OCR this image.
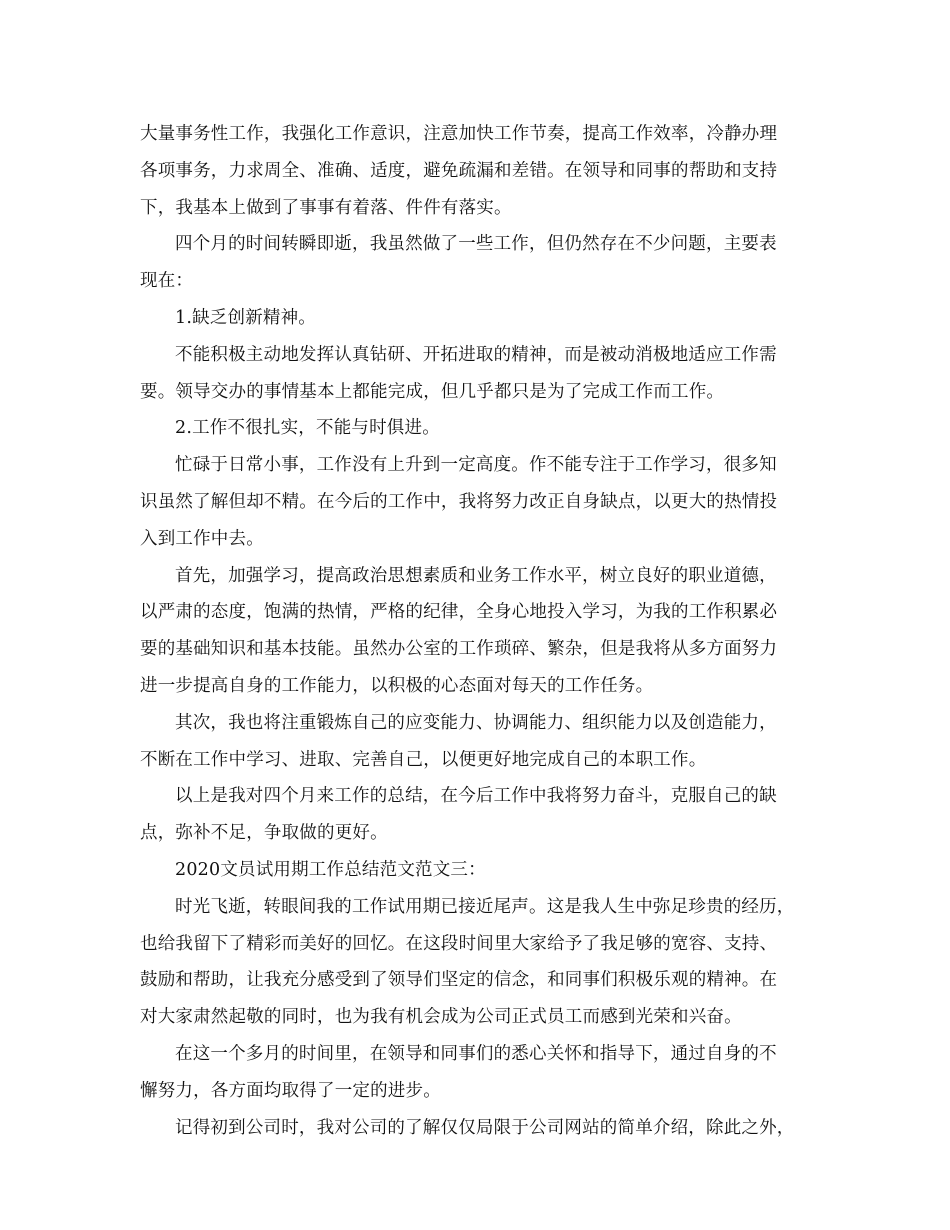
大量事务性工作，我强化工作意识，注意加快工作节奏，提高工作效率，冷静办理
各项事务，力求周全、准确、适度，避免疏漏和差错。在领导和同事的帮助和支持
下，我基本上做到了事事有着落、件件有落实。
四个月的时间转瞬即逝，我虽然做了一些工作，但仍然存在不少问题，主要表
现在：
1.缺乏创新精神。
不能积极主动地发挥认真钻研、开拓进取的精神，而是被动消极地适应工作需
要。领导交办的事情基本上都能完成，但几乎都只是为了完成工作而工作。
2.工作不很扎实，不能与时俱进。
忙碌于日常小事，工作没有上升到一定高度。作不能专注于工作学习，很多知
识虽然了解但却不精。在今后的工作中，我将努力改正自身缺点，以更大的热情投
入到工作中去。
首先，加强学习，提高政治思想素质和业务工作水平，树立良好的职业道德，
以严肃的态度，饱满的热情，严格的纪律，全身心地投入学习，为我的工作积累必
要的基础知识和基本技能。虽然办公室的工作琐碎、繁杂，但是我将从多方面努力
进一步提高自身的工作能力，以积极的心态面对每天的工作任务。
其次，我也将注重锻炼自己的应变能力、协调能力、组织能力以及创造能力，
不断在工作中学习、进取、完善自己，以便更好地完成自己的本职工作。
以上是我对四个月来工作的总结，在今后工作中我将努力奋斗，克服自己的缺
点，弥补不足，争取做的更好。
2020文员试用期工作总结范文范文三：
时光飞逝，转眼间我的工作试用期已接近尾声。这是我人生中弥足珍贵的经历，
也给我留下了精彩而美好的回忆。在这段时间里大家给予了我足够的宽容、支持、
鼓励和帮助，让我充分感受到了领导们坚定的信念，和同事们积极乐观的精神。在
对大家肃然起敬的同时，也为我有机会成为公司正式员工而感到光荣和兴奋。
在这一个多月的时间里，在领导和同事们的悉心关怀和指导下，通过自身的不
懈努力，各方面均取得了一定的进步。
记得初到公司时，我对公司的了解仅仅局限于公司网站的简单介绍，除此之外，
